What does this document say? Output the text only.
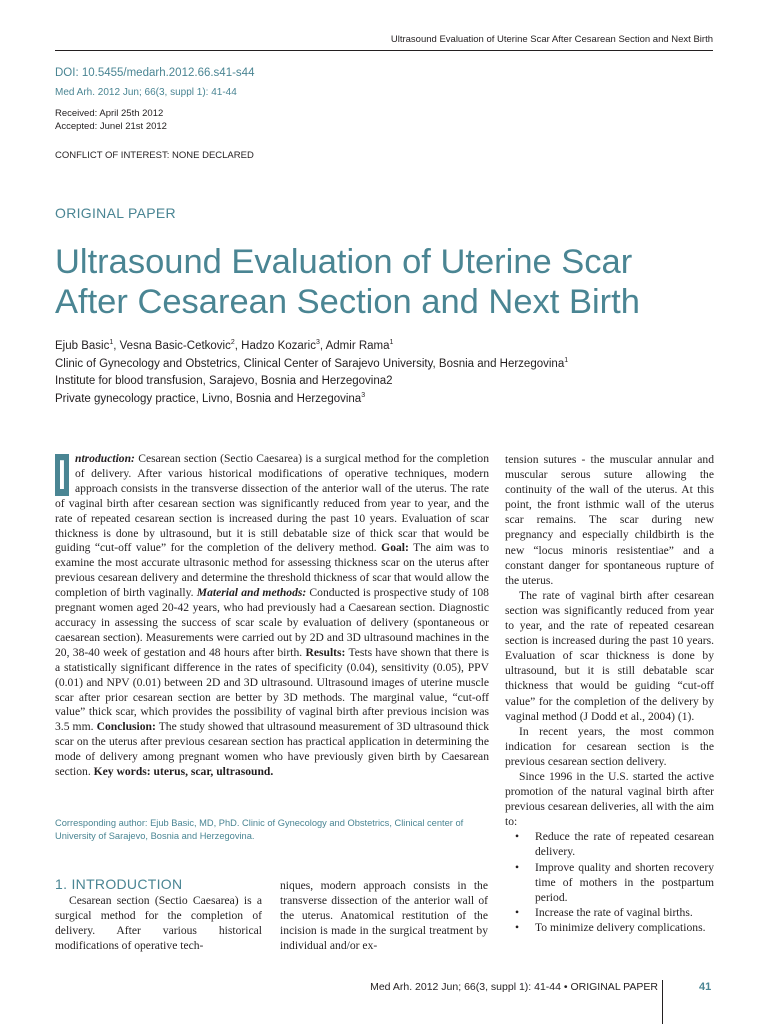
Ultrasound Evaluation of Uterine Scar After Cesarean Section and Next Birth
DOI: 10.5455/medarh.2012.66.s41-s44
Med Arh. 2012 Jun; 66(3, suppl 1): 41-44
Received: April 25th 2012
Accepted: Junel 21st 2012
CONFLICT OF INTEREST: NONE DECLARED
ORIGINAL PAPER
Ultrasound Evaluation of Uterine Scar
After Cesarean Section and Next Birth
Ejub Basic$^1$, Vesna Basic-Cetkovic$^2$, Hadzo Kozaric$^3$, Admir Rama$^1$
Clinic of Gynecology and Obstetrics, Clinical Center of Sarajevo University, Bosnia and Herzegovina$^1$
Institute for blood transfusion, Sarajevo, Bosnia and Herzegovina2
Private gynecology practice, Livno, Bosnia and Herzegovina$^3$
I ntroduction: Cesarean section (Sectio Caesarea) is a surgical method for the completion of delivery. After various historical modifications of operative techniques, modern approach consists in the transverse dissection of the anterior wall of the uterus. The rate of vaginal birth after cesarean section was significantly reduced from year to year, and the rate of repeated cesarean section is increased during the past 10 years. Evaluation of scar thickness is done by ultrasound, but it is still debatable size of thick scar that would be guiding “cut-off value” for the completion of the delivery method. Goal: The aim was to examine the most accurate ultrasonic method for assessing thickness scar on the uterus after previous cesarean delivery and determine the threshold thickness of scar that would allow the completion of birth vaginally. Material and methods: Conducted is prospective study of 108 pregnant women aged 20-42 years, who had previously had a Caesarean section. Diagnostic accuracy in assessing the success of scar scale by evaluation of delivery (spontaneous or caesarean section). Measurements were carried out by 2D and 3D ultrasound machines in the 20, 38-40 week of gestation and 48 hours after birth. Results: Tests have shown that there is a statistically significant difference in the rates of specificity (0.04), sensitivity (0.05), PPV (0.01) and NPV (0.01) between 2D and 3D ultrasound. Ultrasound images of uterine muscle scar after prior cesarean section are better by 3D methods. The marginal value, “cut-off value” thick scar, which provides the possibility of vaginal birth after previous incision was 3.5 mm. Conclusion: The study showed that ultrasound measurement of 3D ultrasound thick scar on the uterus after previous cesarean section has practical application in determining the mode of delivery among pregnant women who have previously given birth by Caesarean section. Key words: uterus, scar, ultrasound.
Corresponding author: Ejub Basic, MD, PhD. Clinic of Gynecology and Obstetrics, Clinical center of University of Sarajevo, Bosnia and Herzegovina.
1. INTRODUCTION

Cesarean section (Sectio Caesarea) is a surgical method for the completion of delivery. After various historical modifications of operative tech-

niques, modern approach consists in the transverse dissection of the anterior wall of the uterus. Anatomical restitution of the incision is made in the surgical treatment by individual and/or ex-

tension sutures - the muscular annular and muscular serous suture allowing the continuity of the wall of the uterus. At this point, the front isthmic wall of the uterus scar remains. The scar during new pregnancy and especially childbirth is the new “locus minoris resistentiae” and a constant danger for spontaneous rupture of the uterus.

The rate of vaginal birth after cesarean section was significantly reduced from year to year, and the rate of repeated cesarean section is increased during the past 10 years. Evaluation of scar thickness is done by ultrasound, but it is still debatable scar thickness that would be guiding “cut-off value” for the completion of the delivery by vaginal method (J Dodd et al., 2004) (1).

In recent years, the most common indication for cesarean section is the previous cesarean section delivery.

Since 1996 in the U.S. started the active promotion of the natural vaginal birth after previous cesarean deliveries, all with the aim to:

• Reduce the rate of repeated cesarean delivery.
• Improve quality and shorten recovery time of mothers in the postpartum period.
• Increase the rate of vaginal births.
• To minimize delivery complications.
Med Arh. 2012 Jun; 66(3, suppl 1): 41-44 • ORIGINAL PAPER	41
